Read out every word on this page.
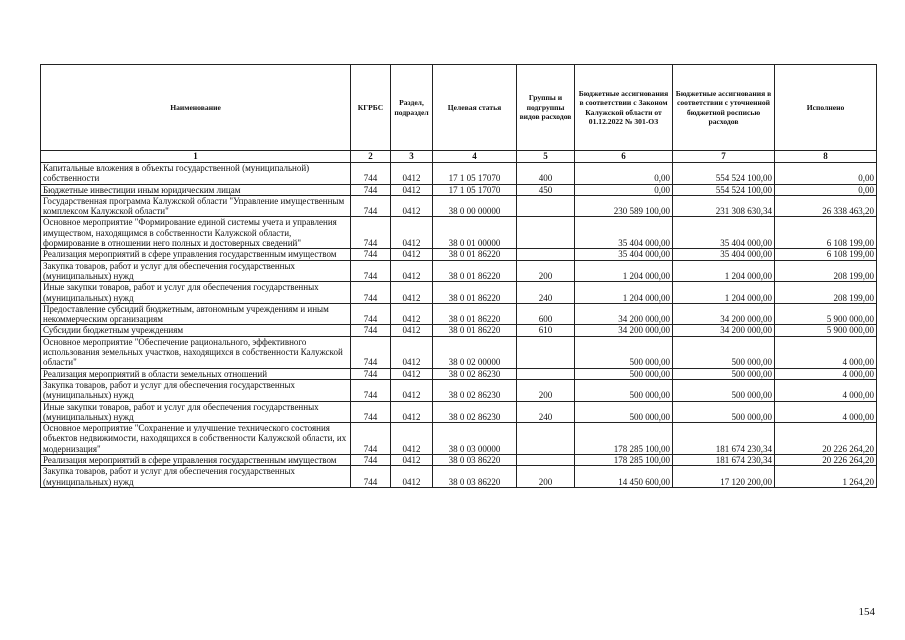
Наименование	КГРБС	Раздел, подраздел	Целевая статья	Группы и подгруппы видов расходов	Бюджетные ассигнования в соответствии с Законом Калужской области от 01.12.2022 № 301-ОЗ	Бюджетные ассигнования в соответствии с уточненной бюджетной росписью расходов	Исполнено
1	2	3	4	5	6	7	8
Капитальные вложения в объекты государственной (муниципальной) собственности	744	0412	17 1 05 17070	400	0,00	554 524 100,00	0,00
Бюджетные инвестиции иным юридическим лицам	744	0412	17 1 05 17070	450	0,00	554 524 100,00	0,00
Государственная программа Калужской области "Управление имущественным комплексом Калужской области"	744	0412	38 0 00 00000		230 589 100,00	231 308 630,34	26 338 463,20
Основное мероприятие "Формирование единой системы учета и управления имуществом, находящимся в собственности Калужской области, формирование в отношении него полных и достоверных сведений"	744	0412	38 0 01 00000		35 404 000,00	35 404 000,00	6 108 199,00
Реализация мероприятий в сфере управления государственным имуществом	744	0412	38 0 01 86220		35 404 000,00	35 404 000,00	6 108 199,00
Закупка товаров, работ и услуг для обеспечения государственных (муниципальных) нужд	744	0412	38 0 01 86220	200	1 204 000,00	1 204 000,00	208 199,00
Иные закупки товаров, работ и услуг для обеспечения государственных (муниципальных) нужд	744	0412	38 0 01 86220	240	1 204 000,00	1 204 000,00	208 199,00
Предоставление субсидий бюджетным, автономным учреждениям и иным некоммерческим организациям	744	0412	38 0 01 86220	600	34 200 000,00	34 200 000,00	5 900 000,00
Субсидии бюджетным учреждениям	744	0412	38 0 01 86220	610	34 200 000,00	34 200 000,00	5 900 000,00
Основное мероприятие "Обеспечение рационального, эффективного использования земельных участков, находящихся в собственности Калужской области"	744	0412	38 0 02 00000		500 000,00	500 000,00	4 000,00
Реализация мероприятий в области земельных отношений	744	0412	38 0 02 86230		500 000,00	500 000,00	4 000,00
Закупка товаров, работ и услуг для обеспечения государственных (муниципальных) нужд	744	0412	38 0 02 86230	200	500 000,00	500 000,00	4 000,00
Иные закупки товаров, работ и услуг для обеспечения государственных (муниципальных) нужд	744	0412	38 0 02 86230	240	500 000,00	500 000,00	4 000,00
Основное мероприятие "Сохранение и улучшение технического состояния объектов недвижимости, находящихся в собственности Калужской области, их модернизация"	744	0412	38 0 03 00000		178 285 100,00	181 674 230,34	20 226 264,20
Реализация мероприятий в сфере управления государственным имуществом	744	0412	38 0 03 86220		178 285 100,00	181 674 230,34	20 226 264,20
Закупка товаров, работ и услуг для обеспечения государственных (муниципальных) нужд	744	0412	38 0 03 86220	200	14 450 600,00	17 120 200,00	1 264,20
154
